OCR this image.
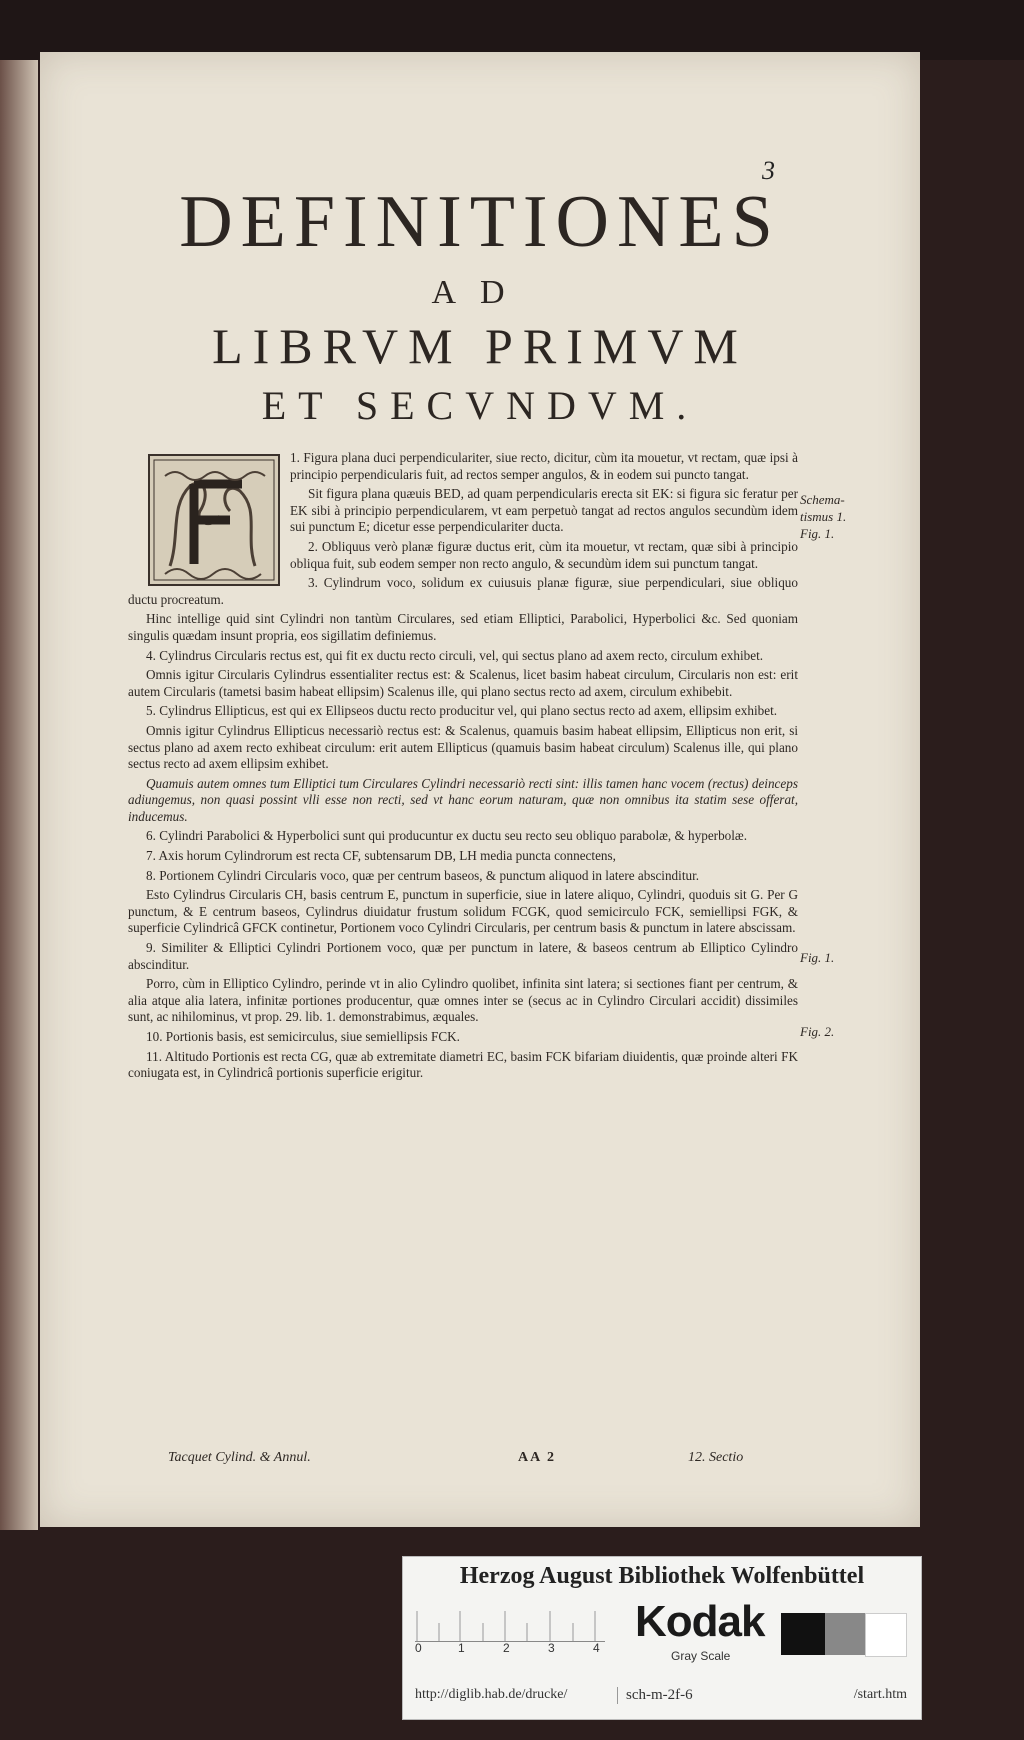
3
DEFINITIONES
AD
LIBRVM PRIMVM
ET SECVNDVM.

1. Figura plana duci perpendiculariter, siue recto, dicitur, cùm ita mouetur, vt rectam, quæ ipsi à principio perpendicularis fuit, ad rectos semper angulos, & in eodem sui puncto tangat.

Sit figura plana quæuis BED, ad quam perpendicularis erecta sit EK: si figura sic feratur per EK sibi à principio perpendicularem, vt eam perpetuò tangat ad rectos angulos secundùm idem sui punctum E; dicetur esse perpendiculariter ducta.

2. Obliquus verò planæ figuræ ductus erit, cùm ita mouetur, vt rectam, quæ sibi à principio obliqua fuit, sub eodem semper non recto angulo, & secundùm idem sui punctum tangat.

3. Cylindrum voco, solidum ex cuiusuis planæ figuræ, siue perpendiculari, siue obliquo ductu procreatum.

Hinc intellige quid sint Cylindri non tantùm Circulares, sed etiam Elliptici, Parabolici, Hyperbolici &c. Sed quoniam singulis quædam insunt propria, eos sigillatim definiemus.

4. Cylindrus Circularis rectus est, qui fit ex ductu recto circuli, vel, qui sectus plano ad axem recto, circulum exhibet.

Omnis igitur Circularis Cylindrus essentialiter rectus est: & Scalenus, licet basim habeat circulum, Circularis non est: erit autem Circularis (tametsi basim habeat ellipsim) Scalenus ille, qui plano sectus recto ad axem, circulum exhibebit.

5. Cylindrus Ellipticus, est qui ex Ellipseos ductu recto producitur vel, qui plano sectus recto ad axem, ellipsim exhibet.

Omnis igitur Cylindrus Ellipticus necessariò rectus est: & Scalenus, quamuis basim habeat ellipsim, Ellipticus non erit, si sectus plano ad axem recto exhibeat circulum: erit autem Ellipticus (quamuis basim habeat circulum) Scalenus ille, qui plano sectus recto ad axem ellipsim exhibet.

Quamuis autem omnes tum Elliptici tum Circulares Cylindri necessariò recti sint: illis tamen hanc vocem (rectus) deinceps adiungemus, non quasi possint vlli esse non recti, sed vt hanc eorum naturam, quæ non omnibus ita statim sese offerat, inducemus.

6. Cylindri Parabolici & Hyperbolici sunt qui producuntur ex ductu seu recto seu obliquo parabolæ, & hyperbolæ.

7. Axis horum Cylindrorum est recta CF, subtensarum DB, LH media puncta connectens,

8. Portionem Cylindri Circularis voco, quæ per centrum baseos, & punctum aliquod in latere abscinditur.

Esto Cylindrus Circularis CH, basis centrum E, punctum in superficie, siue in latere aliquo, Cylindri, quoduis sit G. Per G punctum, & E centrum baseos, Cylindrus diuidatur frustum solidum FCGK, quod semicirculo FCK, semiellipsi FGK, & superficie Cylindricâ GFCK continetur, Portionem voco Cylindri Circularis, per centrum basis & punctum in latere abscissam.

9. Similiter & Elliptici Cylindri Portionem voco, quæ per punctum in latere, & baseos centrum ab Elliptico Cylindro abscinditur.

Porro, cùm in Elliptico Cylindro, perinde vt in alio Cylindro quolibet, infinita sint latera; si sectiones fiant per centrum, & alia atque alia latera, infinitæ portiones producentur, quæ omnes inter se (secus ac in Cylindro Circulari accidit) dissimiles sunt, ac nihilominus, vt prop. 29. lib. 1. demonstrabimus, æquales.

10. Portionis basis, est semicirculus, siue semiellipsis FCK.

11. Altitudo Portionis est recta CG, quæ ab extremitate diametri EC, basim FCK bifariam diuidentis, quæ proinde alteri FK coniugata est, in Cylindricâ portionis superficie erigitur.

Schema-
tismus 1.
Fig. 1.
Fig. 1.
Fig. 2.
Tacquet Cylind. & Annul.	AA 2	12. Sectio
Herzog August Bibliothek Wolfenbüttel
0	1	2	3	4
Kodak
Gray Scale
http://diglib.hab.de/drucke/	sch-m-2f-6	/start.htm
